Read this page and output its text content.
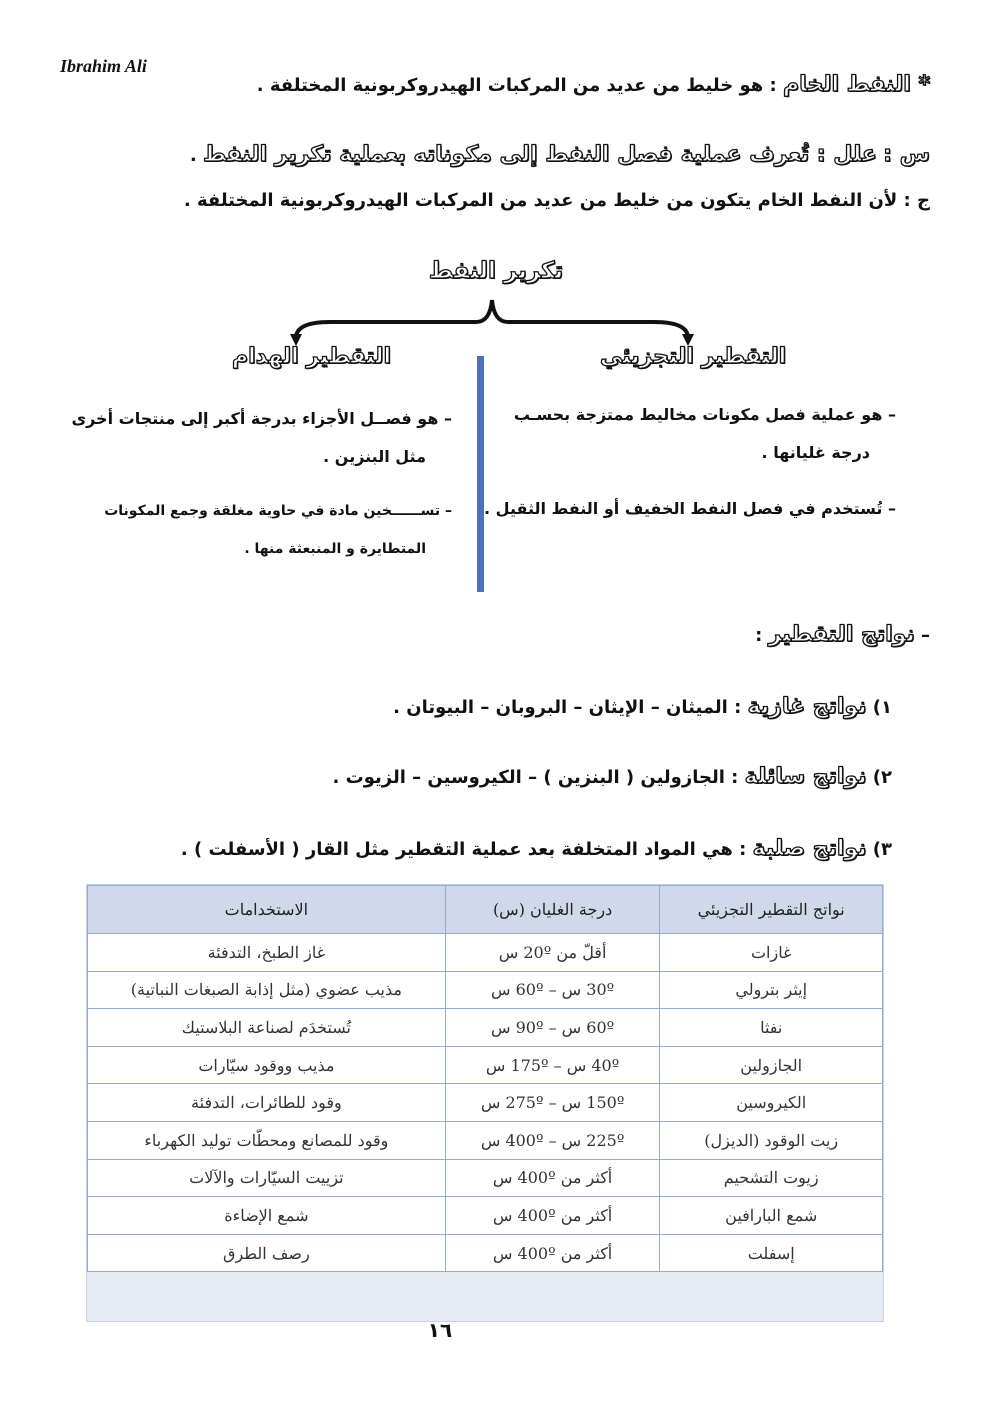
Ibrahim Ali
* النفط الخام : هو خليط من عديد من المركبات الهيدروكربونية المختلفة .
س : علل : تُعرف عملية فصل النفط إلى مكوناته بعملية تكرير النفط .
ج : لأن النفط الخام يتكون من خليط من عديد من المركبات الهيدروكربونية المختلفة .
تكرير النفط
التقطير الهدام	التقطير التجزيئي
– هو عملية فصل مكونات مخاليط ممتزجة بحسـب
درجة غليانها .
– تُستخدم في فصل النفط الخفيف أو النفط الثقيل .
– هو فصــل الأجزاء بدرجة أكبر إلى منتجات أخرى
مثل البنزين .
– تســــــخين مادة في حاوية مغلقة وجمع المكونات
المتطايرة و المنبعثة منها .
– نواتج التقطير :
١) نواتج غازية : الميثان – الإيثان – البروبان – البيوتان .
٢) نواتج سائلة : الجازولين ( البنزين ) – الكيروسين – الزيوت .
٣) نواتج صلبة : هي المواد المتخلفة بعد عملية التقطير مثل القار ( الأسفلت ) .
نواتج التقطير التجزيئي	درجة الغليان (س)	الاستخدامات
غازات	أقلّ من 20º س	غاز الطبخ، التدفئة
إيثر بترولي	30º س – 60º س	مذيب عضوي (مثل إذابة الصبغات النباتية)
نفثا	60º س – 90º س	تُستخدَم لصناعة البلاستيك
الجازولين	40º س – 175º س	مذيب ووقود سيّارات
الكيروسين	150º س – 275º س	وقود للطائرات، التدفئة
زيت الوقود (الديزل)	225º س – 400º س	وقود للمصانع ومحطّات توليد الكهرباء
زيوت التشحيم	أكثر من 400º س	تزييت السيّارات والآلات
شمع البارافين	أكثر من 400º س	شمع الإضاءة
إسفلت	أكثر من 400º س	رصف الطرق
١٦
